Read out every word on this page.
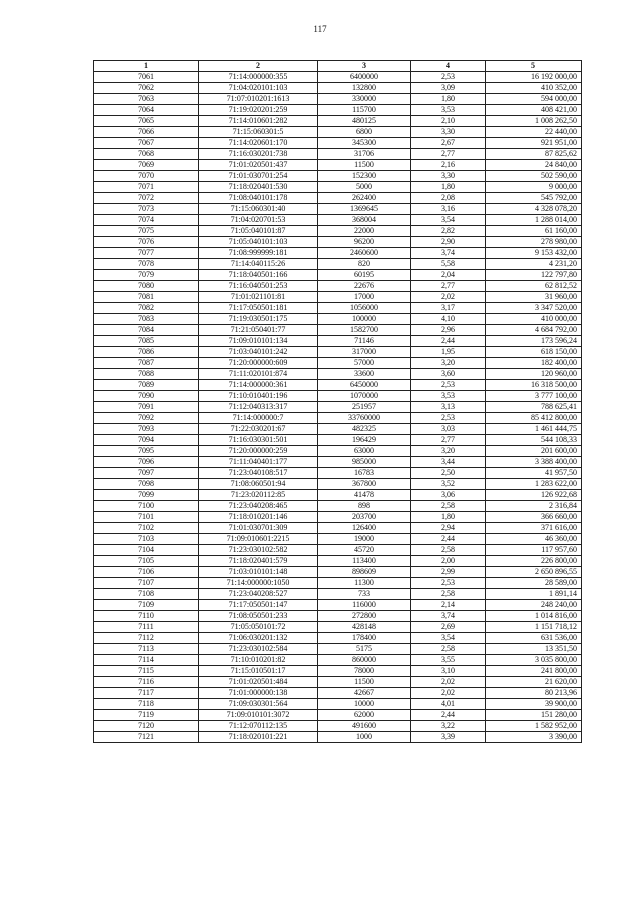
117
1	2	3	4	5
7061	71:14:000000:355	6400000	2,53	16 192 000,00
7062	71:04:020101:103	132800	3,09	410 352,00
7063	71:07:010201:1613	330000	1,80	594 000,00
7064	71:19:020201:259	115700	3,53	408 421,00
7065	71:14:010601:282	480125	2,10	1 008 262,50
7066	71:15:060301:5	6800	3,30	22 440,00
7067	71:14:020601:170	345300	2,67	921 951,00
7068	71:16:030201:738	31706	2,77	87 825,62
7069	71:01:020501:437	11500	2,16	24 840,00
7070	71:01:030701:254	152300	3,30	502 590,00
7071	71:18:020401:530	5000	1,80	9 000,00
7072	71:08:040101:178	262400	2,08	545 792,00
7073	71:15:060301:40	1369645	3,16	4 328 078,20
7074	71:04:020701:53	368004	3,54	1 288 014,00
7075	71:05:040101:87	22000	2,82	61 160,00
7076	71:05:040101:103	96200	2,90	278 980,00
7077	71:08:999999:181	2460600	3,74	9 153 432,00
7078	71:14:040115:26	820	5,58	4 231,20
7079	71:18:040501:166	60195	2,04	122 797,80
7080	71:16:040501:253	22676	2,77	62 812,52
7081	71:01:021101:81	17000	2,02	31 960,00
7082	71:17:050501:181	1056000	3,17	3 347 520,00
7083	71:19:030501:175	100000	4,10	410 000,00
7084	71:21:050401:77	1582700	2,96	4 684 792,00
7085	71:09:010101:134	71146	2,44	173 596,24
7086	71:03:040101:242	317000	1,95	618 150,00
7087	71:20:000000:609	57000	3,20	182 400,00
7088	71:11:020101:874	33600	3,60	120 960,00
7089	71:14:000000:361	6450000	2,53	16 318 500,00
7090	71:10:010401:196	1070000	3,53	3 777 100,00
7091	71:12:040313:317	251957	3,13	788 625,41
7092	71:14:000000:7	33760000	2,53	85 412 800,00
7093	71:22:030201:67	482325	3,03	1 461 444,75
7094	71:16:030301:501	196429	2,77	544 108,33
7095	71:20:000000:259	63000	3,20	201 600,00
7096	71:11:040401:177	985000	3,44	3 388 400,00
7097	71:23:040108:517	16783	2,50	41 957,50
7098	71:08:060501:94	367800	3,52	1 283 622,00
7099	71:23:020112:85	41478	3,06	126 922,68
7100	71:23:040208:465	898	2,58	2 316,84
7101	71:18:010201:146	203700	1,80	366 660,00
7102	71:01:030701:309	126400	2,94	371 616,00
7103	71:09:010601:2215	19000	2,44	46 360,00
7104	71:23:030102:582	45720	2,58	117 957,60
7105	71:18:020401:579	113400	2,00	226 800,00
7106	71:03:010101:148	898609	2,99	2 650 896,55
7107	71:14:000000:1050	11300	2,53	28 589,00
7108	71:23:040208:527	733	2,58	1 891,14
7109	71:17:050501:147	116000	2,14	248 240,00
7110	71:08:050501:233	272800	3,74	1 014 816,00
7111	71:05:050101:72	428148	2,69	1 151 718,12
7112	71:06:030201:132	178400	3,54	631 536,00
7113	71:23:030102:584	5175	2,58	13 351,50
7114	71:10:010201:82	860000	3,55	3 035 800,00
7115	71:15:010501:17	78000	3,10	241 800,00
7116	71:01:020501:484	11500	2,02	21 620,00
7117	71:01:000000:138	42667	2,02	80 213,96
7118	71:09:030301:564	10000	4,01	39 900,00
7119	71:09:010101:3072	62000	2,44	151 280,00
7120	71:12:070112:135	491600	3,22	1 582 952,00
7121	71:18:020101:221	1000	3,39	3 390,00
